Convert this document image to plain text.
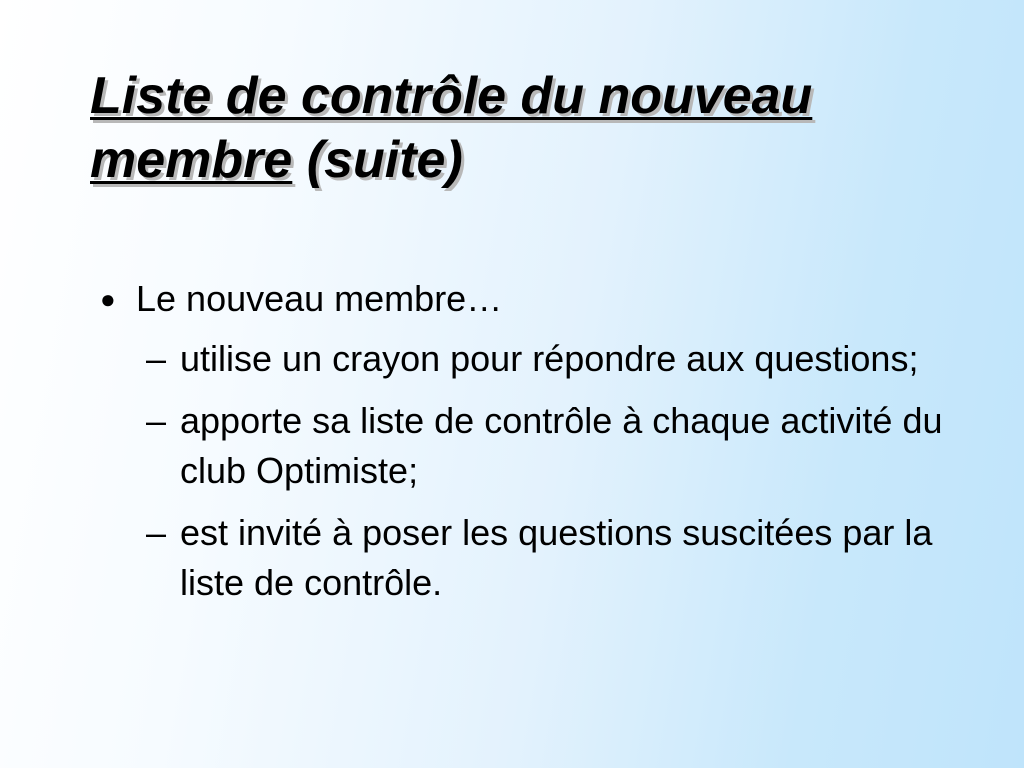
Liste de contrôle du nouveau membre (suite)
● Le nouveau membre…
– utilise un crayon pour répondre aux questions;
– apporte sa liste de contrôle à chaque activité du club Optimiste;
– est invité à poser les questions suscitées par la liste de contrôle.
